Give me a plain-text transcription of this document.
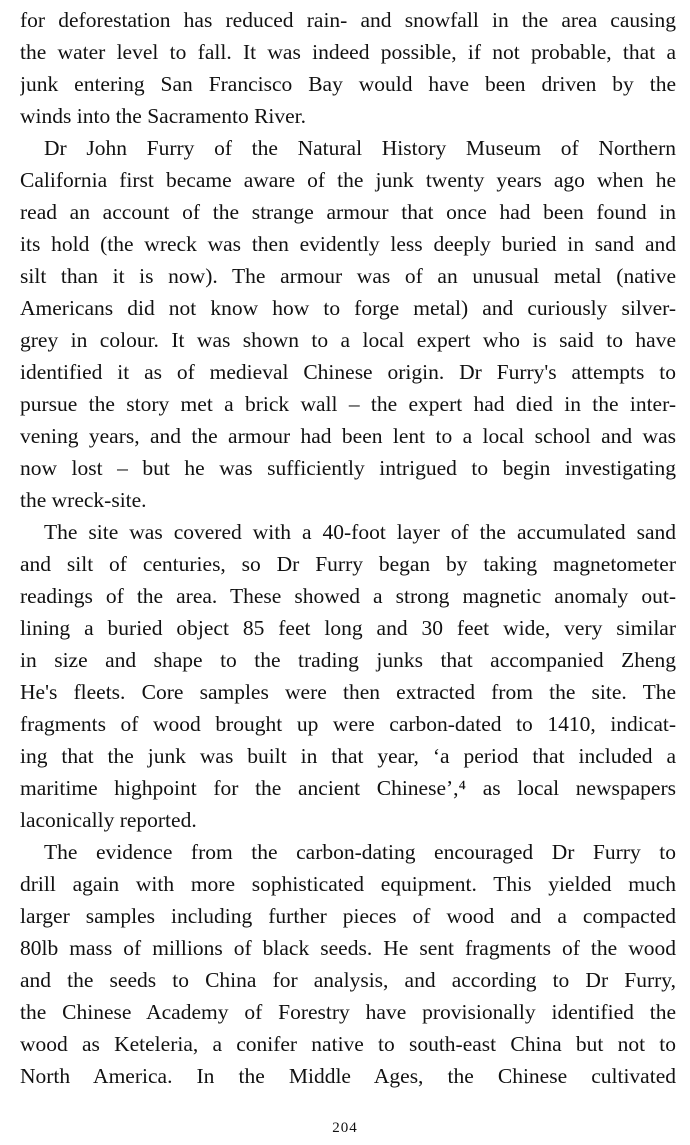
for deforestation has reduced rain- and snowfall in the area causing
the water level to fall. It was indeed possible, if not probable, that a
junk entering San Francisco Bay would have been driven by the
winds into the Sacramento River.
Dr John Furry of the Natural History Museum of Northern
California first became aware of the junk twenty years ago when he
read an account of the strange armour that once had been found in
its hold (the wreck was then evidently less deeply buried in sand and
silt than it is now). The armour was of an unusual metal (native
Americans did not know how to forge metal) and curiously silver-
grey in colour. It was shown to a local expert who is said to have
identified it as of medieval Chinese origin. Dr Furry's attempts to
pursue the story met a brick wall – the expert had died in the inter-
vening years, and the armour had been lent to a local school and was
now lost – but he was sufficiently intrigued to begin investigating
the wreck-site.
The site was covered with a 40-foot layer of the accumulated sand
and silt of centuries, so Dr Furry began by taking magnetometer
readings of the area. These showed a strong magnetic anomaly out-
lining a buried object 85 feet long and 30 feet wide, very similar
in size and shape to the trading junks that accompanied Zheng
He's fleets. Core samples were then extracted from the site. The
fragments of wood brought up were carbon-dated to 1410, indicat-
ing that the junk was built in that year, ‘a period that included a
maritime highpoint for the ancient Chinese’,⁴ as local newspapers
laconically reported.
The evidence from the carbon-dating encouraged Dr Furry to
drill again with more sophisticated equipment. This yielded much
larger samples including further pieces of wood and a compacted
80lb mass of millions of black seeds. He sent fragments of the wood
and the seeds to China for analysis, and according to Dr Furry,
the Chinese Academy of Forestry have provisionally identified the
wood as Keteleria, a conifer native to south-east China but not to
North America. In the Middle Ages, the Chinese cultivated
204
